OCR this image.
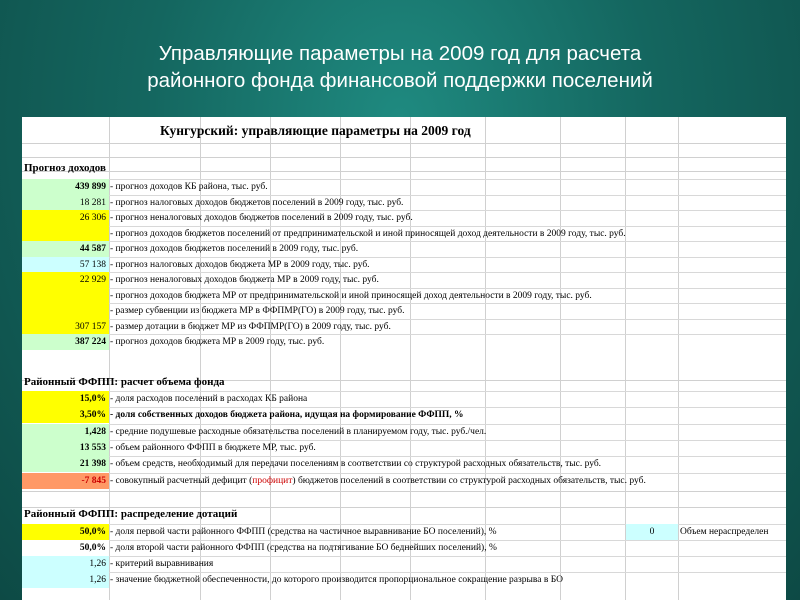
Управляющие параметры на 2009 год для расчета
районного фонда финансовой поддержки поселений
Кунгурский: управляющие параметры на 2009 год
Прогноз доходов
439 899 - прогноз доходов КБ района, тыс. руб.
18 281 - прогноз налоговых доходов бюджетов поселений в 2009 году, тыс. руб.
26 306 - прогноз неналоговых доходов бюджетов поселений в 2009 году, тыс. руб.
- прогноз доходов бюджетов поселений от предпринимательской и иной приносящей доход деятельности в 2009 году, тыс. руб.
44 587 - прогноз доходов бюджетов поселений в 2009 году, тыс. руб.
57 138 - прогноз налоговых доходов бюджета МР в 2009 году, тыс. руб.
22 929 - прогноз неналоговых доходов бюджета МР в 2009 году, тыс. руб.
- прогноз доходов бюджета МР от предпринимательской и иной приносящей доход деятельности в 2009 году, тыс. руб.
- размер субвенции из бюджета МР в ФФПМР(ГО) в 2009 году, тыс. руб.
307 157 - размер дотации в бюджет МР из ФФПМР(ГО) в 2009 году, тыс. руб.
387 224 - прогноз доходов бюджета МР в 2009 году, тыс. руб.
Районный ФФПП: расчет объема фонда
15,0% - доля расходов поселений в расходах КБ района
3,50% - доля собственных доходов бюджета района, идущая на формирование ФФПП, %
1,428 - средние подушевые расходные обязательства поселений в планируемом году, тыс. руб./чел.
13 553 - объем районного ФФПП в бюджете МР, тыс. руб.
21 398 - объем средств, необходимый для передачи поселениям в соответствии со структурой расходных обязательств, тыс. руб.
-7 845 - совокупный расчетный дефицит (профицит) бюджетов поселений в соответствии со структурой расходных обязательств, тыс. руб.
Районный ФФПП: распределение дотаций
50,0% - доля первой части районного ФФПП (средства на частичное выравнивание БО поселений), %
50,0% - доля второй части районного ФФПП (средства на подтягивание БО беднейших поселений), %
1,26 - критерий выравнивания
1,26 - значение бюджетной обеспеченности, до которого производится пропорциональное сокращение разрыва в БО
0	Объем нераспределен
